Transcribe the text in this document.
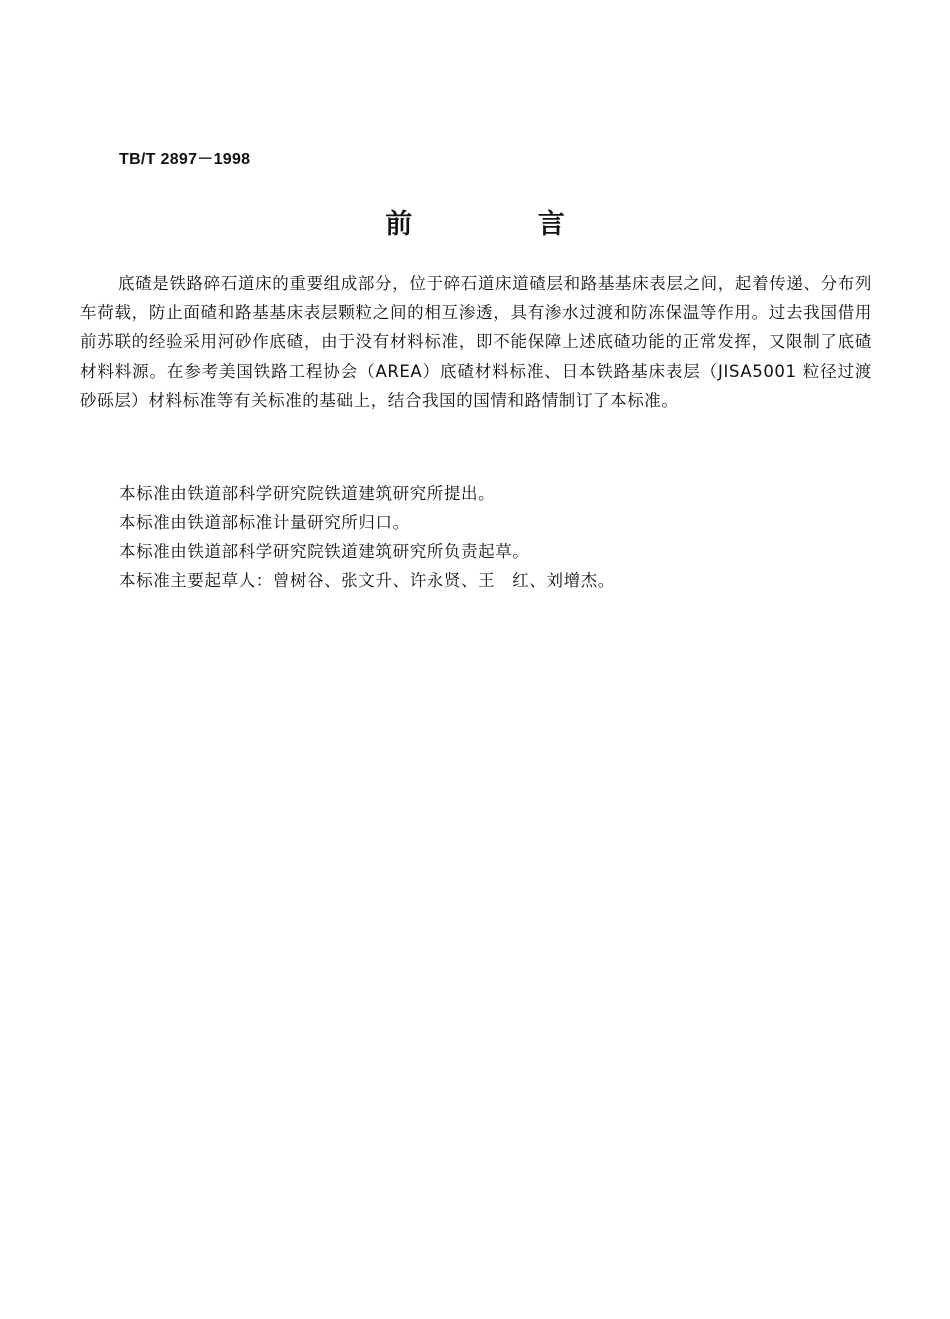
TB/T 2897－1998
前 言
底碴是铁路碎石道床的重要组成部分，位于碎石道床道碴层和路基基床表层之间，起着传递、分布列车荷载，防止面碴和路基基床表层颗粒之间的相互渗透，具有渗水过渡和防冻保温等作用。过去我国借用前苏联的经验采用河砂作底碴，由于没有材料标准，即不能保障上述底碴功能的正常发挥，又限制了底碴材料料源。在参考美国铁路工程协会（AREA）底碴材料标准、日本铁路基床表层（JISA5001 粒径过渡砂砾层）材料标准等有关标准的基础上，结合我国的国情和路情制订了本标准。
本标准由铁道部科学研究院铁道建筑研究所提出。
本标准由铁道部标准计量研究所归口。
本标准由铁道部科学研究院铁道建筑研究所负责起草。
本标准主要起草人：曾树谷、张文升、许永贤、王　红、刘增杰。
